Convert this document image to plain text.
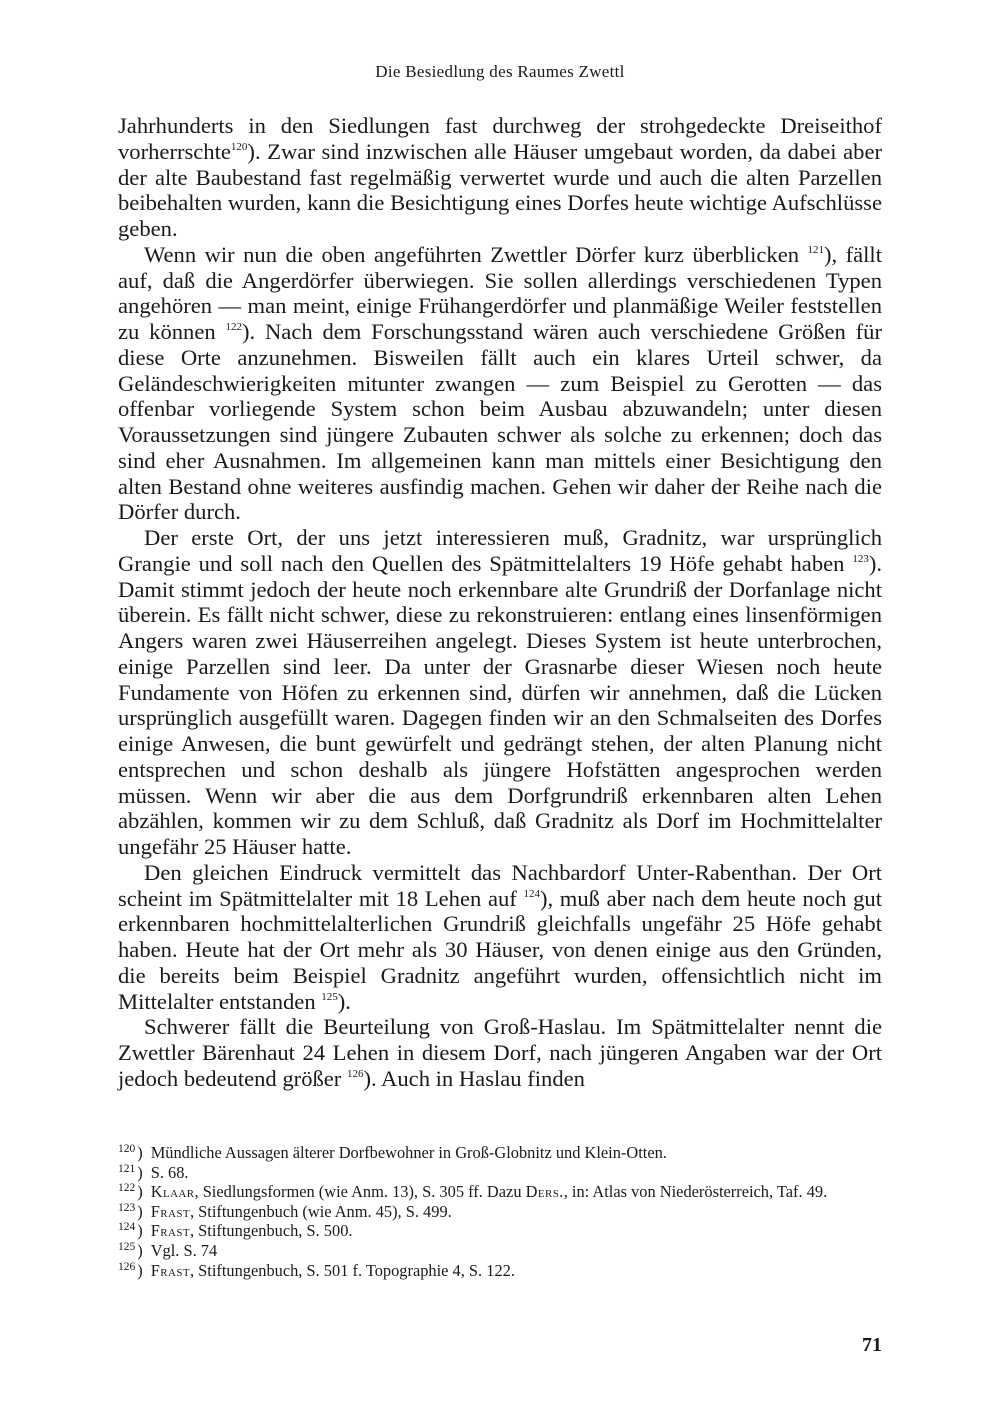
Die Besiedlung des Raumes Zwettl

Jahrhunderts in den Siedlungen fast durchweg der strohgedeckte Dreiseithof vorherrschte$^{120}$). Zwar sind inzwischen alle Häuser umgebaut worden, da dabei aber der alte Baubestand fast regelmäßig verwertet wurde und auch die alten Parzellen beibehalten wurden, kann die Besichtigung eines Dorfes heute wichtige Aufschlüsse geben.

Wenn wir nun die oben angeführten Zwettler Dörfer kurz überblicken $^{121}$), fällt auf, daß die Angerdörfer überwiegen. Sie sollen allerdings verschiedenen Typen angehören — man meint, einige Frühangerdörfer und planmäßige Weiler feststellen zu können $^{122}$). Nach dem Forschungsstand wären auch verschiedene Größen für diese Orte anzunehmen. Bisweilen fällt auch ein klares Urteil schwer, da Geländeschwierigkeiten mitunter zwangen — zum Beispiel zu Gerotten — das offenbar vorliegende System schon beim Ausbau abzuwandeln; unter diesen Voraussetzungen sind jüngere Zubauten schwer als solche zu erkennen; doch das sind eher Ausnahmen. Im allgemeinen kann man mittels einer Besichtigung den alten Bestand ohne weiteres ausfindig machen. Gehen wir daher der Reihe nach die Dörfer durch.

Der erste Ort, der uns jetzt interessieren muß, Gradnitz, war ursprünglich Grangie und soll nach den Quellen des Spätmittelalters 19 Höfe gehabt haben $^{123}$). Damit stimmt jedoch der heute noch erkennbare alte Grundriß der Dorfanlage nicht überein. Es fällt nicht schwer, diese zu rekonstruieren: entlang eines linsenförmigen Angers waren zwei Häuserreihen angelegt. Dieses System ist heute unterbrochen, einige Parzellen sind leer. Da unter der Grasnarbe dieser Wiesen noch heute Fundamente von Höfen zu erkennen sind, dürfen wir annehmen, daß die Lücken ursprünglich ausgefüllt waren. Dagegen finden wir an den Schmalseiten des Dorfes einige Anwesen, die bunt gewürfelt und gedrängt stehen, der alten Planung nicht entsprechen und schon deshalb als jüngere Hofstätten angesprochen werden müssen. Wenn wir aber die aus dem Dorfgrundriß erkennbaren alten Lehen abzählen, kommen wir zu dem Schluß, daß Gradnitz als Dorf im Hochmittelalter ungefähr 25 Häuser hatte.

Den gleichen Eindruck vermittelt das Nachbardorf Unter-Rabenthan. Der Ort scheint im Spätmittelalter mit 18 Lehen auf $^{124}$), muß aber nach dem heute noch gut erkennbaren hochmittelalterlichen Grundriß gleichfalls ungefähr 25 Höfe gehabt haben. Heute hat der Ort mehr als 30 Häuser, von denen einige aus den Gründen, die bereits beim Beispiel Gradnitz angeführt wurden, offensichtlich nicht im Mittelalter entstanden $^{125}$).

Schwerer fällt die Beurteilung von Groß-Haslau. Im Spätmittelalter nennt die Zwettler Bärenhaut 24 Lehen in diesem Dorf, nach jüngeren Angaben war der Ort jedoch bedeutend größer $^{126}$). Auch in Haslau finden

120 ) Mündliche Aussagen älterer Dorfbewohner in Groß-Globnitz und Klein-Otten.
121 ) S. 68.
122 ) Klaar, Siedlungsformen (wie Anm. 13), S. 305 ff. Dazu Ders., in: Atlas von Niederösterreich, Taf. 49.
123 ) Frast, Stiftungenbuch (wie Anm. 45), S. 499.
124 ) Frast, Stiftungenbuch, S. 500.
125 ) Vgl. S. 74
126 ) Frast, Stiftungenbuch, S. 501 f. Topographie 4, S. 122.
71
